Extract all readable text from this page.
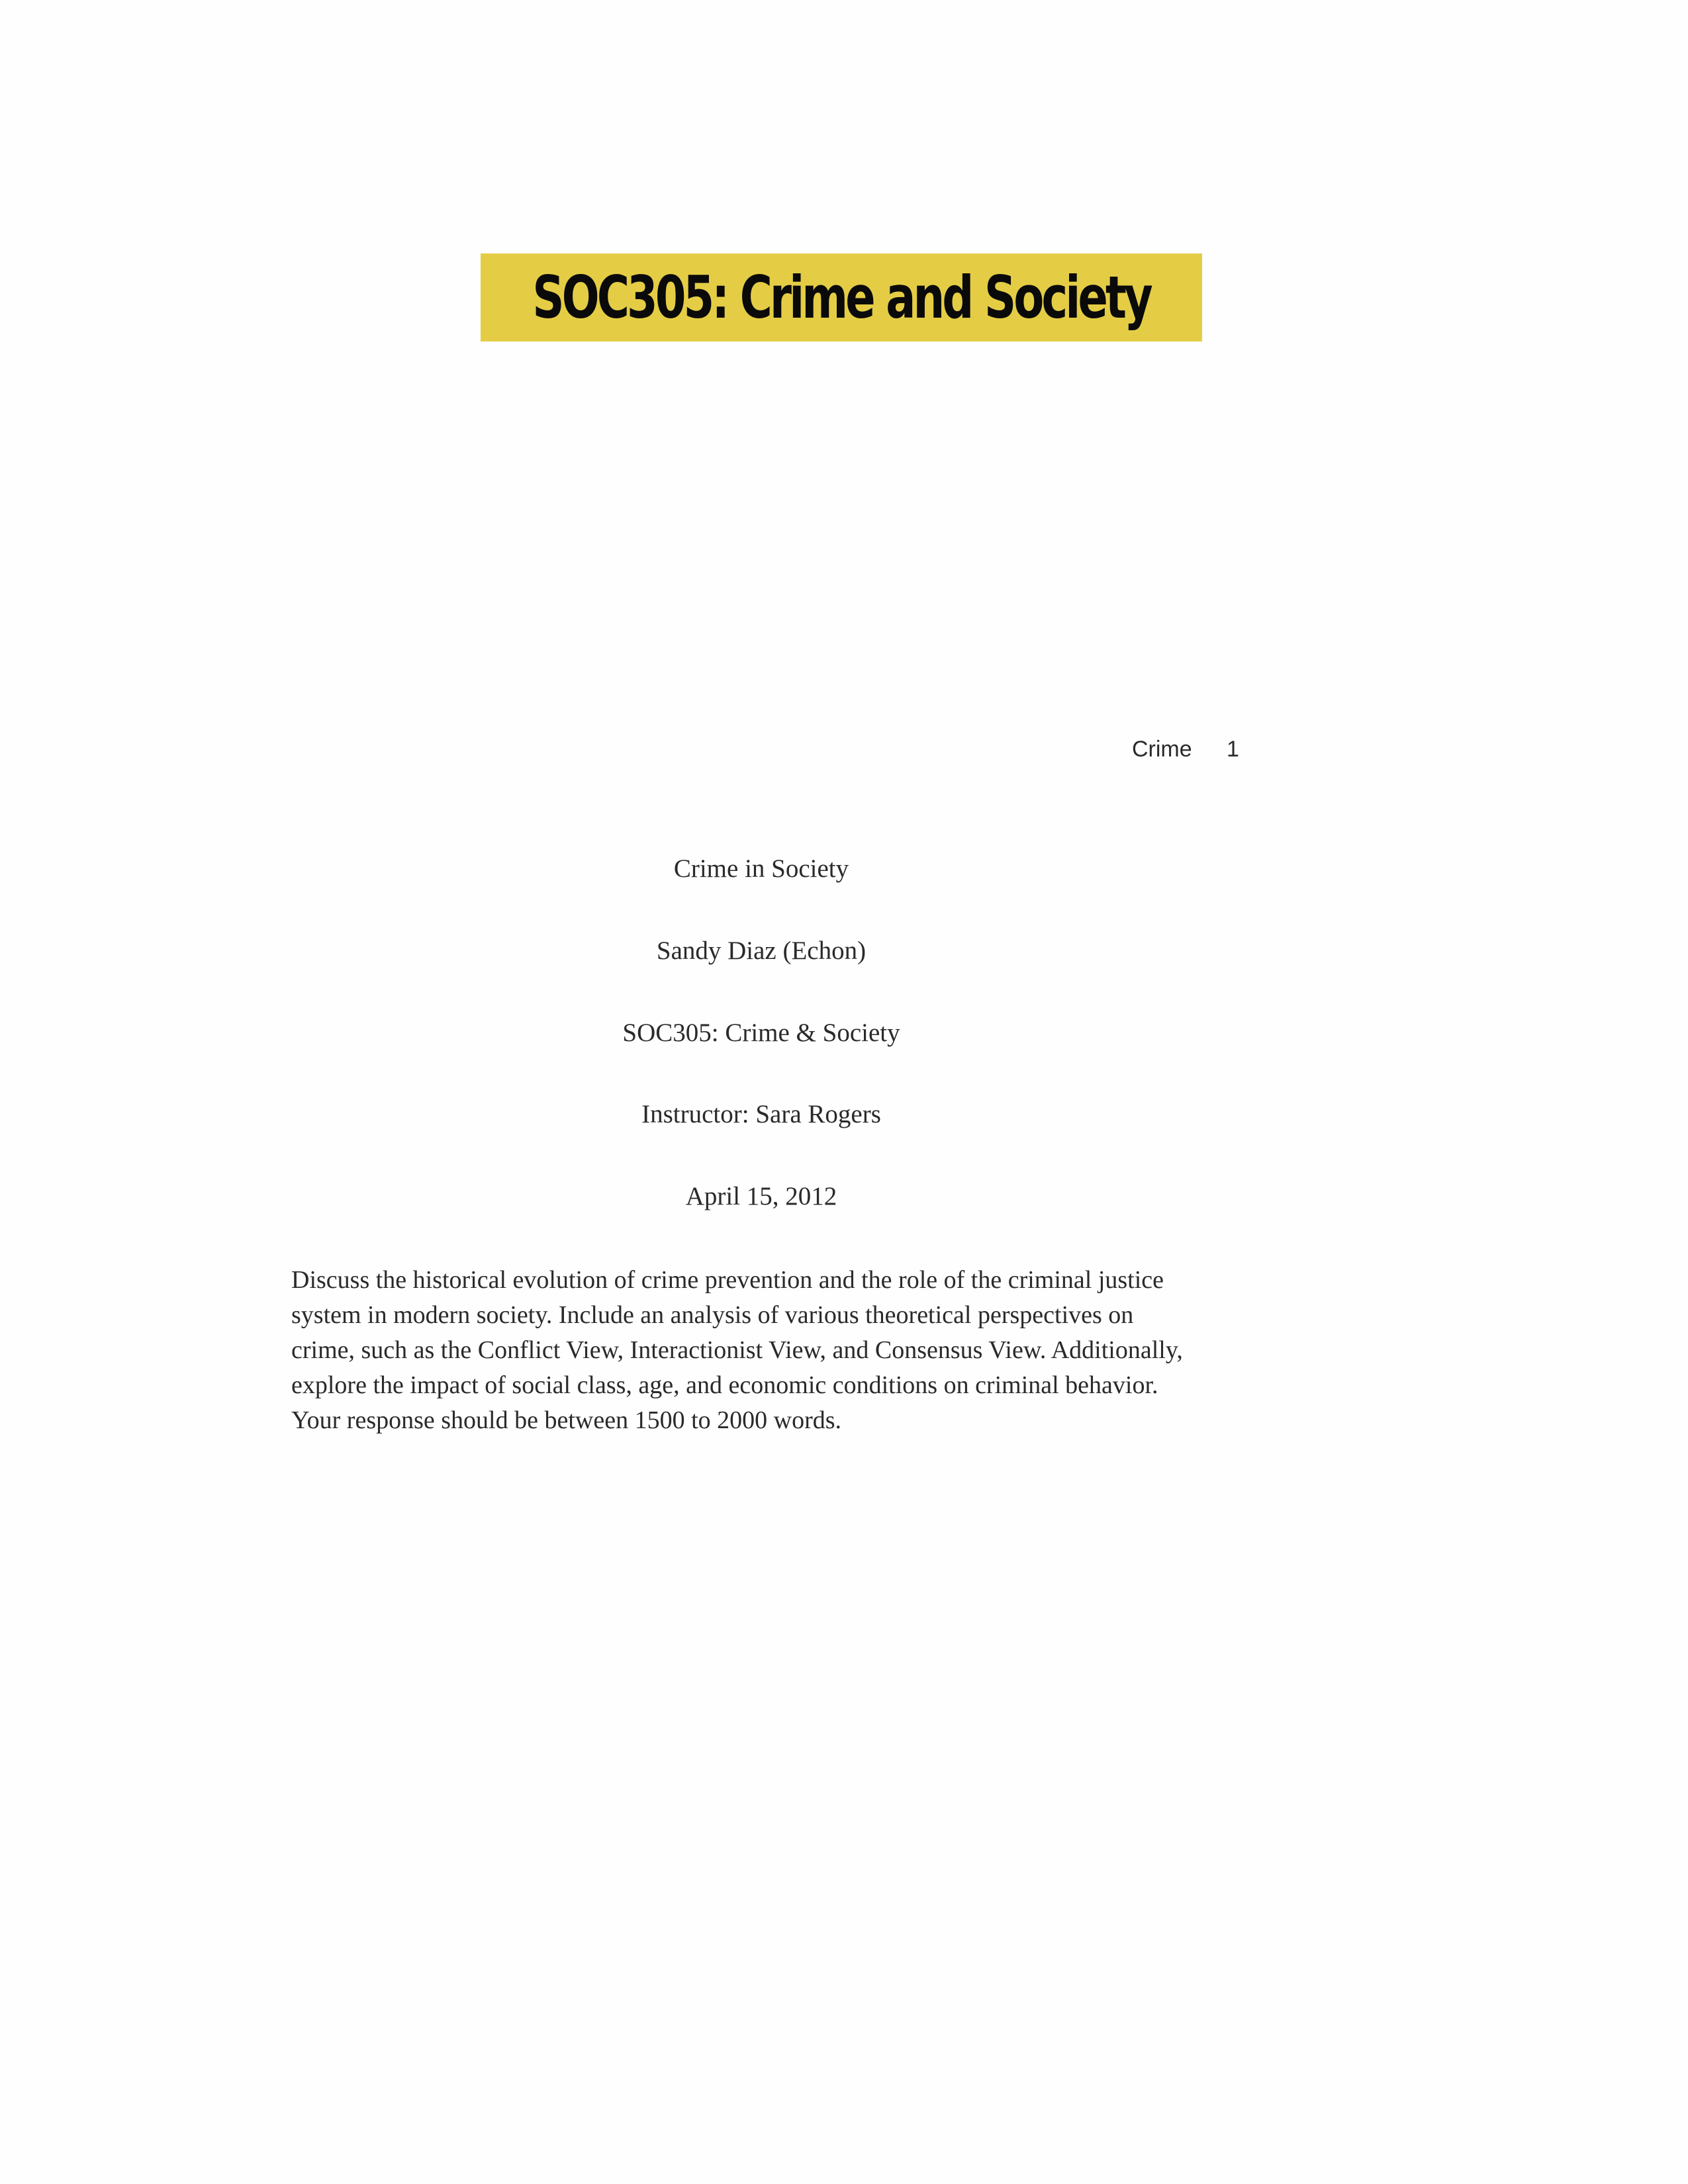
SOC305: Crime and Society
Crime 1
Crime in Society
Sandy Diaz (Echon)
SOC305: Crime & Society
Instructor: Sara Rogers
April 15, 2012
Discuss the historical evolution of crime prevention and the role of the criminal justice
system in modern society. Include an analysis of various theoretical perspectives on
crime, such as the Conflict View, Interactionist View, and Consensus View. Additionally,
explore the impact of social class, age, and economic conditions on criminal behavior.
Your response should be between 1500 to 2000 words.
